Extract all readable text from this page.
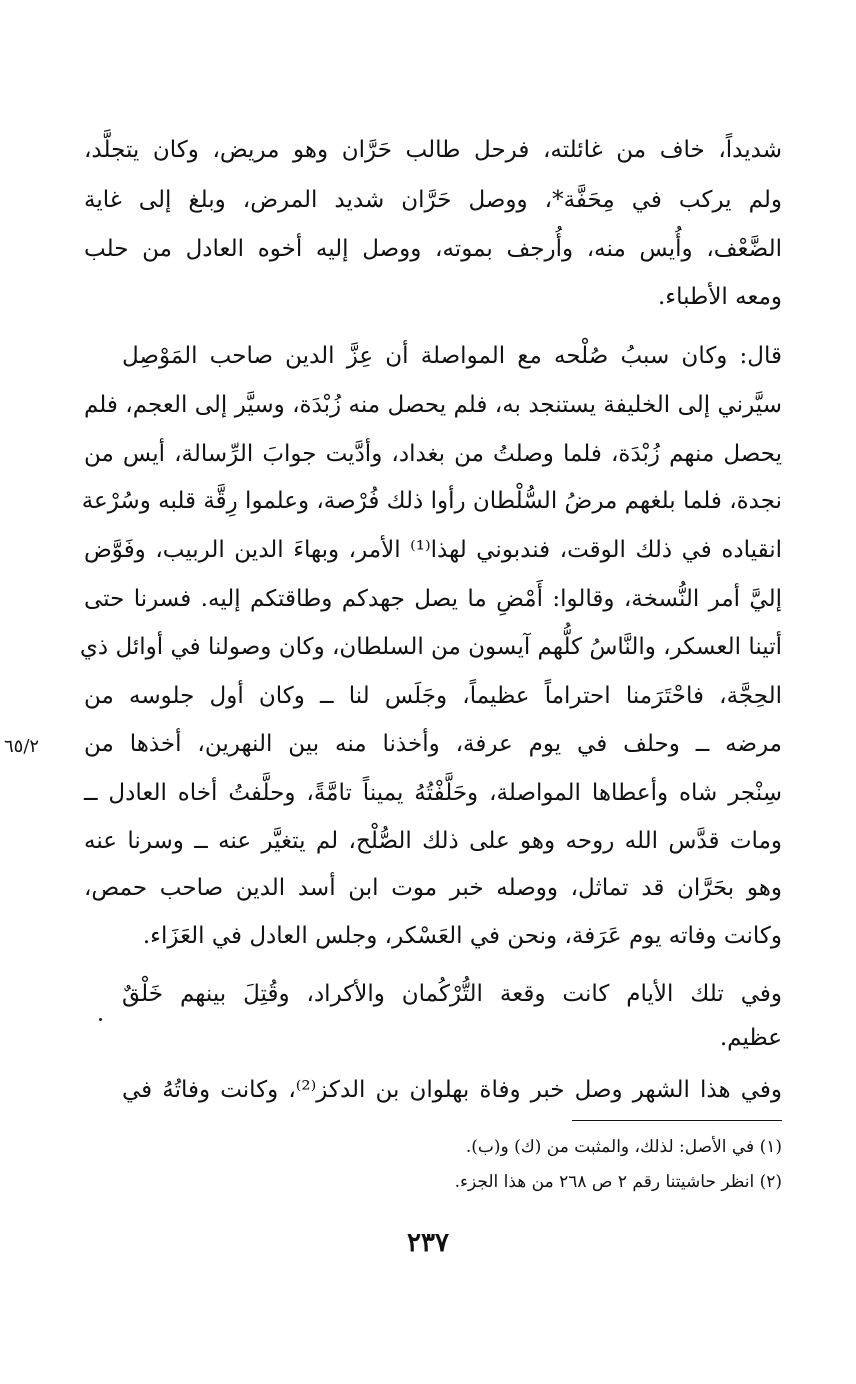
شديداً، خاف من غائلته، فرحل طالب حَرَّان وهو مريض، وكان يتجلَّد،
ولم يركب في مِحَفَّة*، ووصل حَرَّان شديد المرض، وبلغ إلى غاية
الضَّعْف، وأُيس منه، وأُرجف بموته، ووصل إليه أخوه العادل من حلب
ومعه الأطباء.
قال: وكان سببُ صُلْحه مع المواصلة أن عِزَّ الدين صاحب المَوْصِل
سيَّرني إلى الخليفة يستنجد به، فلم يحصل منه زُبْدَة، وسيَّر إلى العجم، فلم
يحصل منهم زُبْدَة، فلما وصلتُ من بغداد، وأدَّيت جوابَ الرِّسالة، أيس من
نجدة، فلما بلغهم مرضُ السُّلْطان رأوا ذلك فُرْصة، وعلموا رِقَّة قلبه وسُرْعة
انقياده في ذلك الوقت، فندبوني لهذا⁽¹⁾ الأمر، وبهاءَ الدين الربيب، وفَوَّض
إليَّ أمر النُّسخة، وقالوا: أَمْضِ ما يصل جهدكم وطاقتكم إليه. فسرنا حتى
أتينا العسكر، والنَّاسُ كلُّهم آيسون من السلطان، وكان وصولنا في أوائل ذي
الحِجَّة، فاحْتَرَمنا احتراماً عظيماً، وجَلَس لنا ــ وكان أول جلوسه من
مرضه ــ وحلف في يوم عرفة، وأخذنا منه بين النهرين، أخذها من
سِنْجر شاه وأعطاها المواصلة، وحَلَّفْتُهُ يميناً تامَّةً، وحلَّفتُ أخاه العادل ــ
ومات قدَّس الله روحه وهو على ذلك الصُّلْح، لم يتغيَّر عنه ــ وسرنا عنه
وهو بحَرَّان قد تماثل، ووصله خبر موت ابن أسد الدين صاحب حمص،
وكانت وفاته يوم عَرَفة، ونحن في العَسْكر، وجلس العادل في العَزَاء.
وفي تلك الأيام كانت وقعة التُّرْكُمان والأكراد، وقُتِلَ بينهم خَلْقٌ
عظيم.
وفي هذا الشهر وصل خبر وفاة بهلوان بن الدكز⁽²⁾، وكانت وفاتُهُ في
٦٥/٢
(١) في الأصل: لذلك، والمثبت من (ك) و(ب).
(٢) انظر حاشيتنا رقم ٢ ص ٢٦٨ من هذا الجزء.
٢٣٧
